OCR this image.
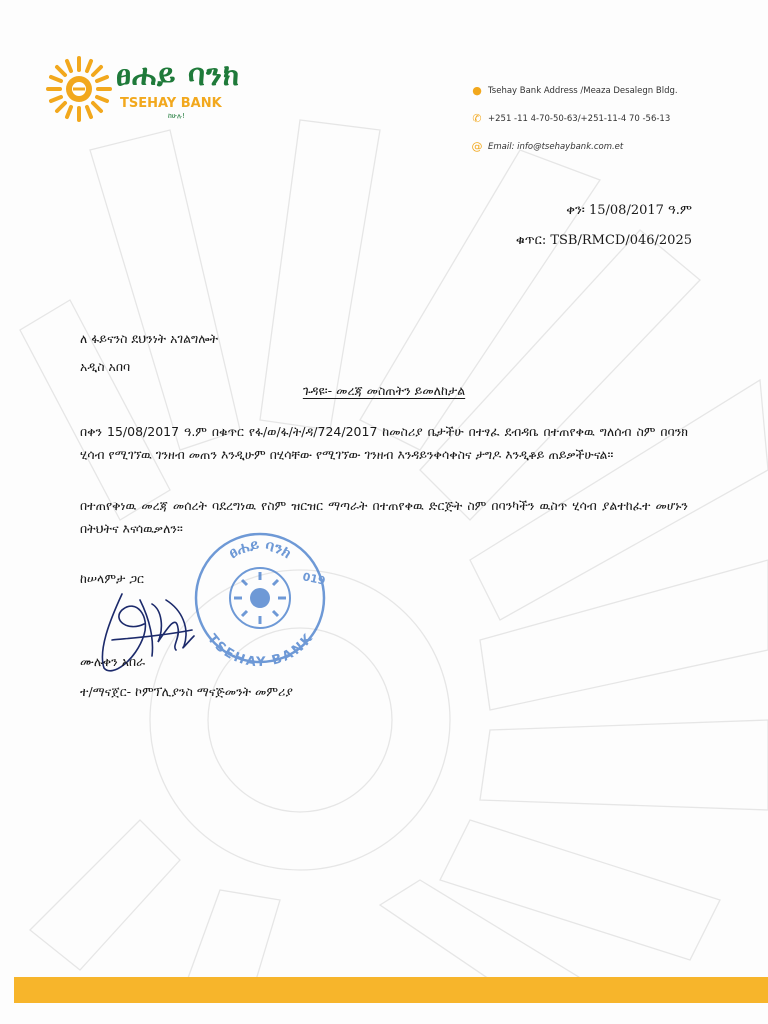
ፀሐይ ባንክ
TSEHAY BANK
ከሁሉ!
● Tsehay Bank Address /Meaza Desalegn Bldg.
✆ +251 -11 4-70-50-63/+251-11-4 70 -56-13
@ Email: info@tsehaybank.com.et
ቀን፡ 15/08/2017 ዓ.ም
ቁጥር: TSB/RMCD/046/2025
ለ ፋይናንስ ደህንነት አገልግሎት
አዲስ አበባ
ጉዳዩ፡- መረጃ መስጠትን ይመለከታል
በቀን 15/08/2017 ዓ.ም በቁጥር የፋ/ወ/ፋ/ት/ዳ/724/2017 ከመስሪያ ቤታችሁ በተፃፈ ደብዳቤ በተጠየቀዉ ግለሰብ ስም በባንክ ሂሳብ የሚገኘዉ ገንዘብ መጠን እንዲሁም በሂሳቸው የሚገኘው ገንዘብ እንዳይንቀሳቀስና ታግዶ እንዲቆይ ጠይቃችሁናል።
በተጠየቅነዉ መረጃ መሰረት ባደረግነዉ የስም ዝርዝር ማጣራት በተጠየቀዉ ድርጅት ስም በባንካችን ዉስጥ ሂሳብ ያልተከፈተ መሆኑን በትህትና እናሳዉቃለን።
ፀሐይ ባንክ
TSEHAY BANK
019
ከሠላምታ ጋር
ሙሉቀን አበራ
ተ/ማናጀር- ኮምፕሊያንስ ማናጅመንት መምሪያ
